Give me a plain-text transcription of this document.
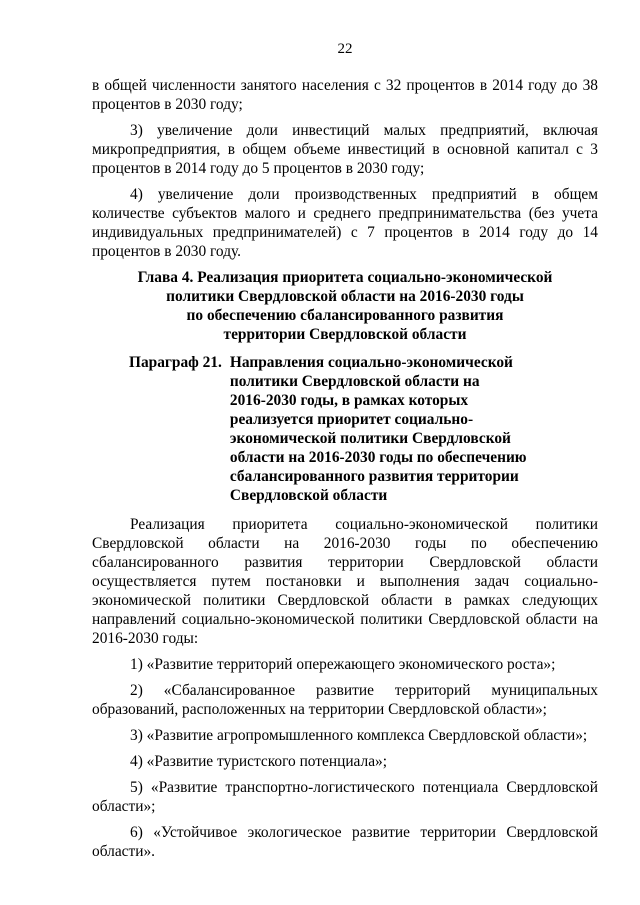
22
в общей численности занятого населения с 32 процентов в 2014 году до 38 процентов в 2030 году;
3) увеличение доли инвестиций малых предприятий, включая микропредприятия, в общем объеме инвестиций в основной капитал с 3 процентов в 2014 году до 5 процентов в 2030 году;
4) увеличение доли производственных предприятий в общем количестве субъектов малого и среднего предпринимательства (без учета индивидуальных предпринимателей) с 7 процентов в 2014 году до 14 процентов в 2030 году.
Глава 4. Реализация приоритета социально-экономической
политики Свердловской области на 2016-2030 годы
по обеспечению сбалансированного развития
территории Свердловской области
Параграф 21. Направления социально-экономической
политики Свердловской области на
2016-2030 годы, в рамках которых
реализуется приоритет социально-
экономической политики Свердловской
области на 2016-2030 годы по обеспечению
сбалансированного развития территории
Свердловской области
Реализация приоритета социально-экономической политики Свердловской области на 2016-2030 годы по обеспечению сбалансированного развития территории Свердловской области осуществляется путем постановки и выполнения задач социально-экономической политики Свердловской области в рамках следующих направлений социально-экономической политики Свердловской области на 2016-2030 годы:
1) «Развитие территорий опережающего экономического роста»;
2) «Сбалансированное развитие территорий муниципальных образований, расположенных на территории Свердловской области»;
3) «Развитие агропромышленного комплекса Свердловской области»;
4) «Развитие туристского потенциала»;
5) «Развитие транспортно-логистического потенциала Свердловской области»;
6) «Устойчивое экологическое развитие территории Свердловской области».
